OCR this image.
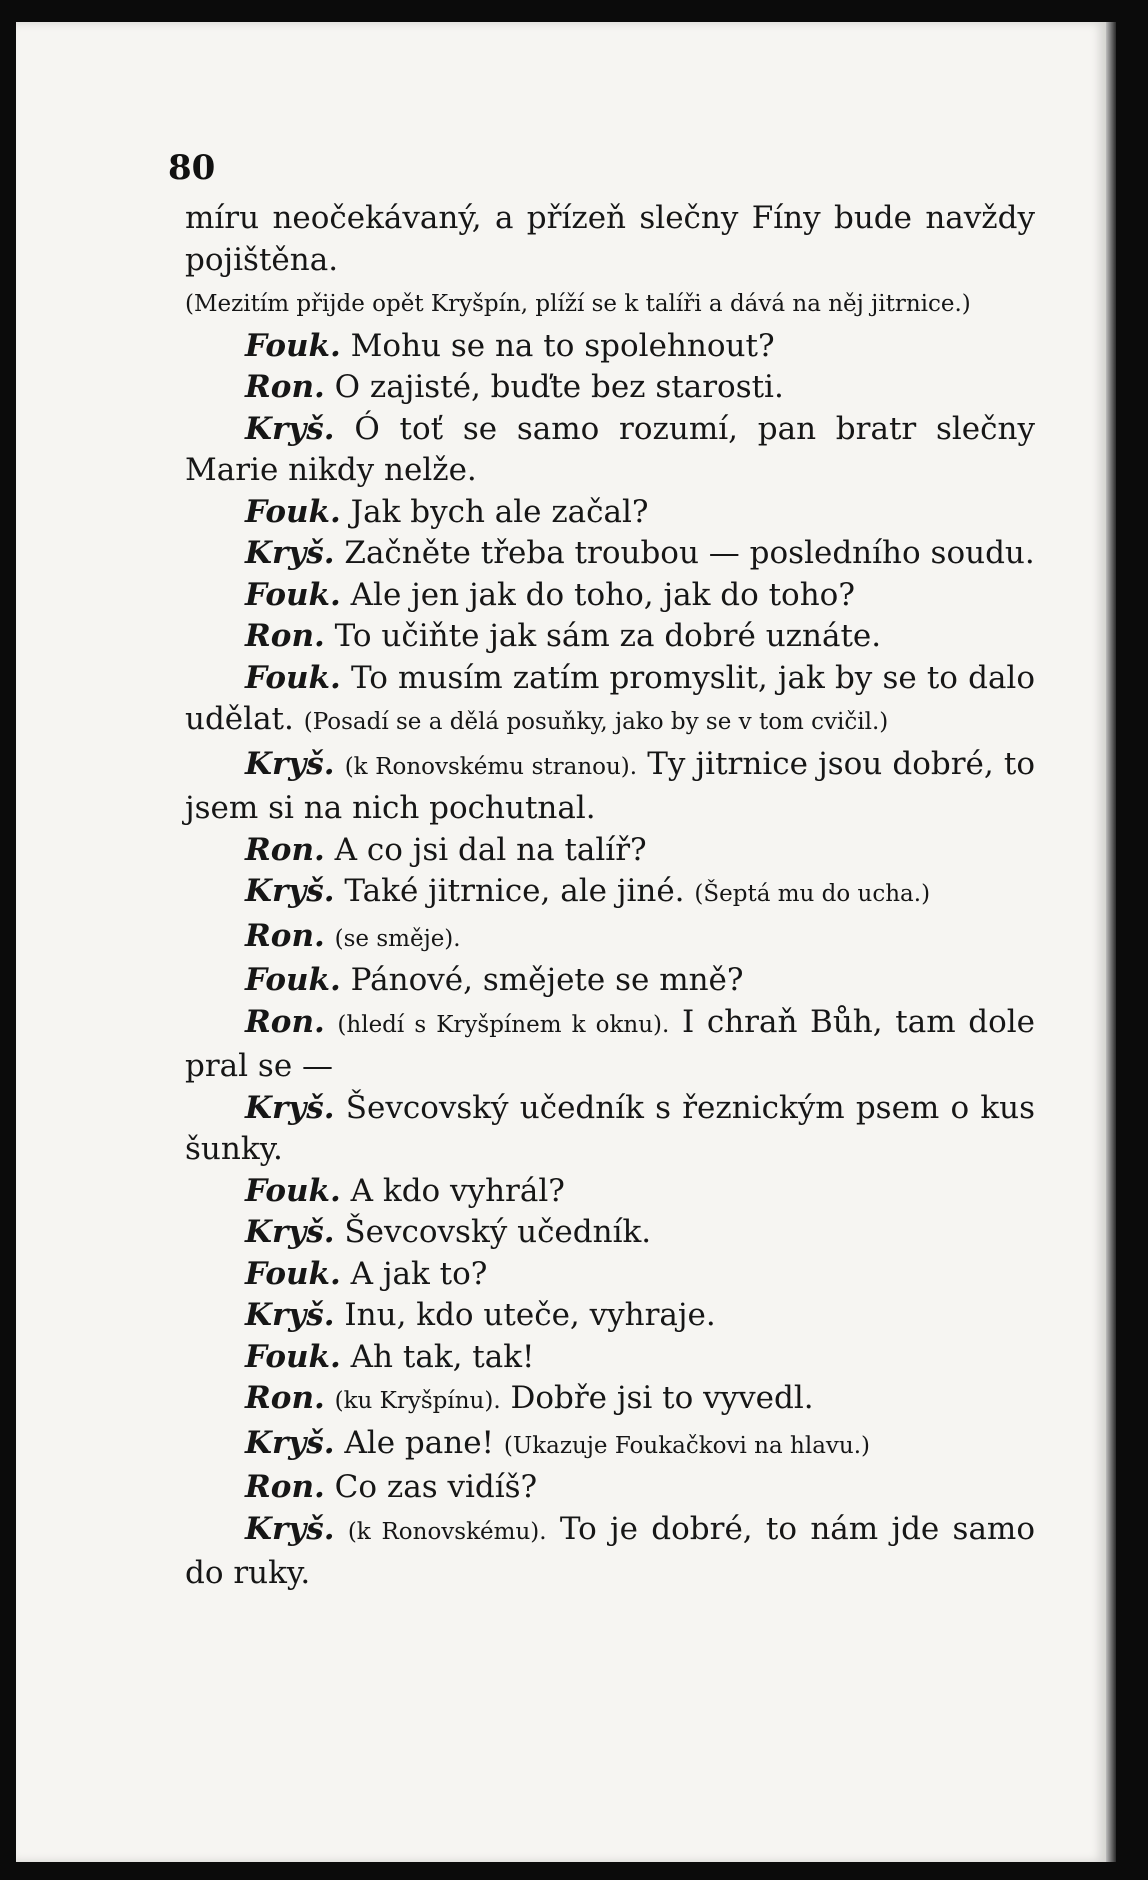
80

míru neočekávaný, a přízeň slečny Fíny bude navždy pojištěna.

(Mezitím přijde opět Kryšpín, plíží se k talíři a dává na něj jitrnice.)

Fouk. Mohu se na to spolehnout?

Ron. O zajisté, buďte bez starosti.

Kryš. Ó toť se samo rozumí, pan bratr slečny Marie nikdy nelže.

Fouk. Jak bych ale začal?

Kryš. Začněte třeba troubou — posledního soudu.

Fouk. Ale jen jak do toho, jak do toho?

Ron. To učiňte jak sám za dobré uznáte.

Fouk. To musím zatím promyslit, jak by se to dalo udělat. (Posadí se a dělá posuňky, jako by se v tom cvičil.)

Kryš. (k Ronovskému stranou). Ty jitrnice jsou dobré, to jsem si na nich pochutnal.

Ron. A co jsi dal na talíř?

Kryš. Také jitrnice, ale jiné. (Šeptá mu do ucha.)

Ron. (se směje).

Fouk. Pánové, smějete se mně?

Ron. (hledí s Kryšpínem k oknu). I chraň Bůh, tam dole pral se —

Kryš. Ševcovský učedník s řeznickým psem o kus šunky.

Fouk. A kdo vyhrál?

Kryš. Ševcovský učedník.

Fouk. A jak to?

Kryš. Inu, kdo uteče, vyhraje.

Fouk. Ah tak, tak!

Ron. (ku Kryšpínu). Dobře jsi to vyvedl.

Kryš. Ale pane! (Ukazuje Foukačkovi na hlavu.)

Ron. Co zas vidíš?

Kryš. (k Ronovskému). To je dobré, to nám jde samo do ruky.
